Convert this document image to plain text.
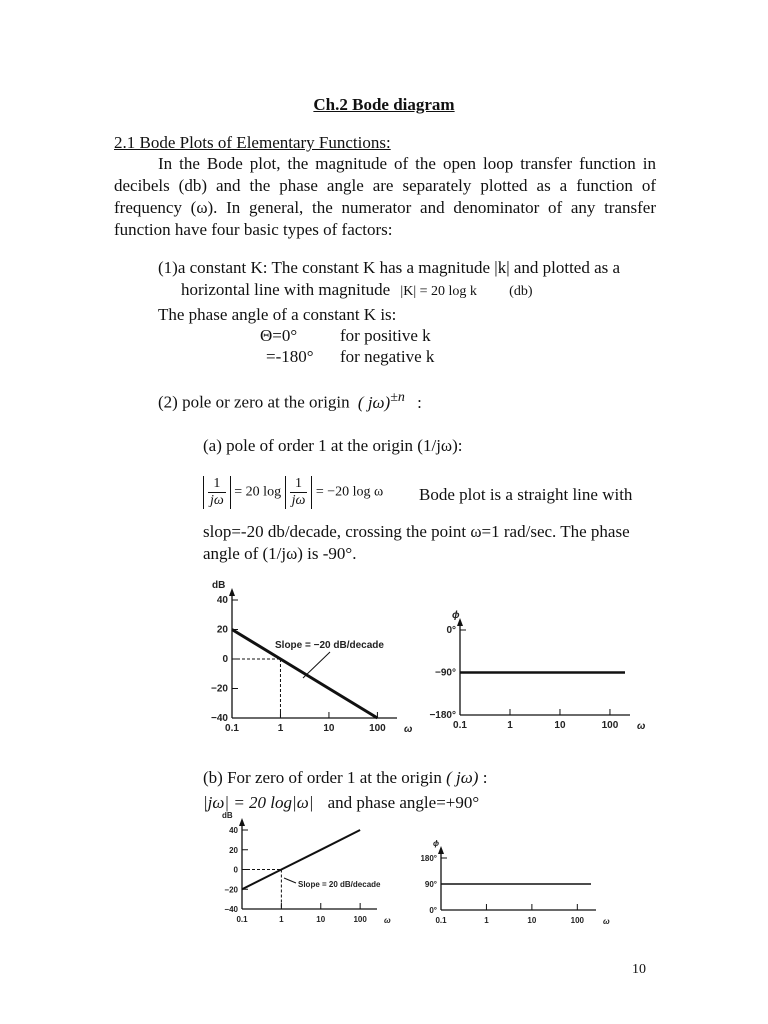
Ch.2 Bode diagram
2.1 Bode Plots of Elementary Functions:
In the Bode plot, the magnitude of the open loop transfer function in decibels (db) and the phase angle are separately plotted as a function of frequency (ω). In general, the numerator and denominator of any transfer function have four basic types of factors:
(1)a constant K: The constant K has a magnitude |k| and plotted as a
horizontal line with magnitude |K| = 20 log k (db)
The phase angle of a constant K is:
Θ=0°	for positive k
=-180° for negative k
(2) pole or zero at the origin ( jω)$^{\pm n}$ :
(a) pole of order 1 at the origin (1/jω):
$\frac{1}{j\omega} = 20$ $\log \frac{1}{j\omega} = -20$ log ω Bode plot is a straight line with
slop=-20 db/decade, crossing the point ω=1 rad/sec. The phase
angle of (1/jω) is -90°.
dB
ω
40
20
0
−20
−40
0.1	1	10	100
Slope = −20 dB/decade
ϕ
ω
0°
−90°
−180°
0.1	1	10	100
dB
ω
40
20
0
−20
−40
0.1	1	10	100
Slope = 20 dB/decade
ϕ
ω
180°
90°
0°
0.1	1	10	100
(b) For zero of order 1 at the origin ( jω) :
|jω| = 20 log|ω| and phase angle=+90°
10
